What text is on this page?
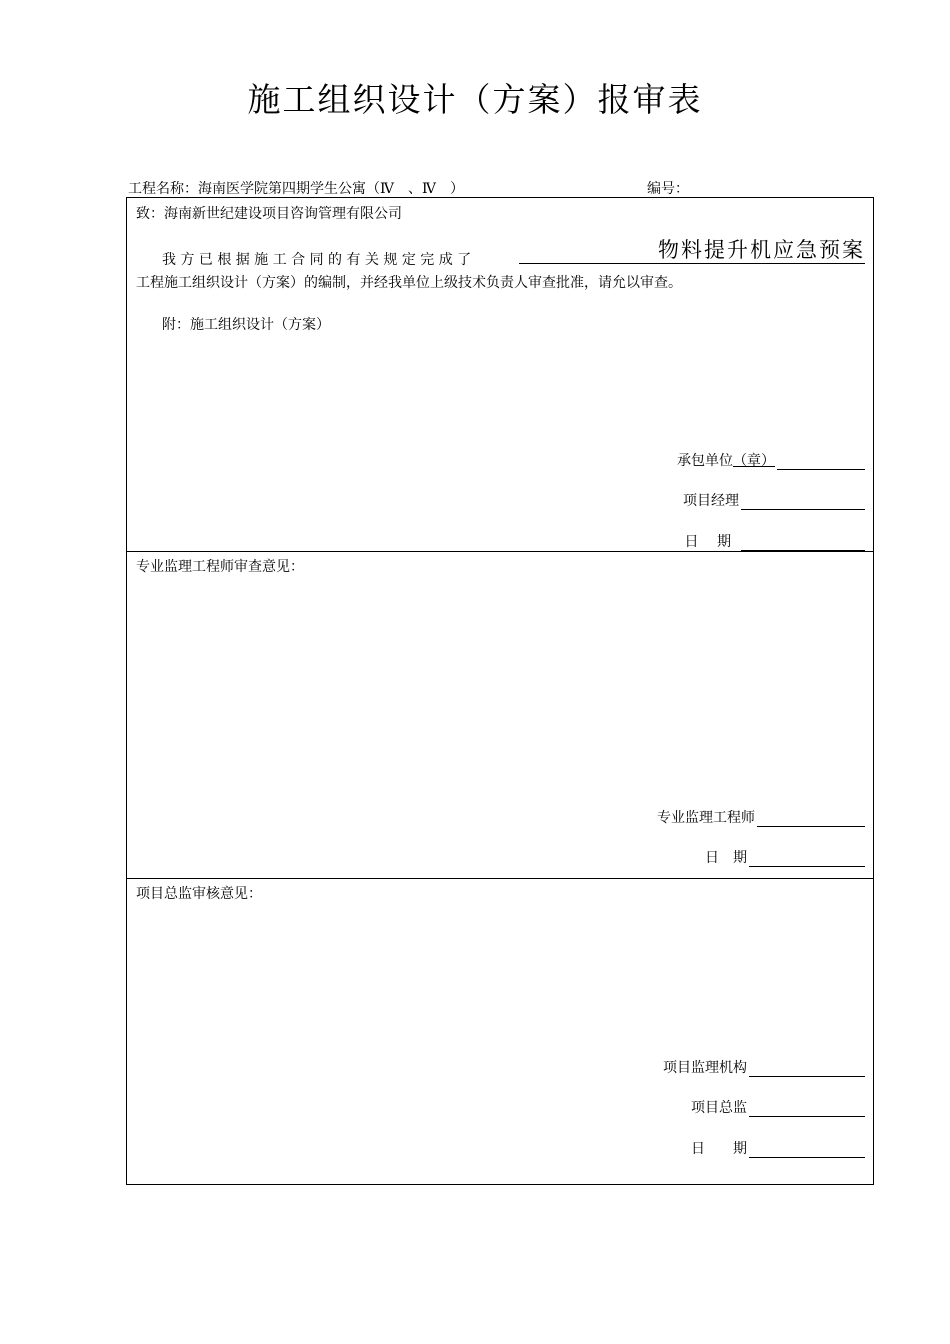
施工组织设计（方案）报审表
工程名称：海南医学院第四期学生公寓（Ⅳ　、Ⅳ　）	编号：
致：海南新世纪建设项目咨询管理有限公司
我 方 已 根 据 施 工 合 同 的 有 关 规 定 完 成 了	物料提升机应急预案
工程施工组织设计（方案）的编制，并经我单位上级技术负责人审查批准，请允以审查。
附：施工组织设计（方案）
承包单位 （章）
项目经理
日　 期
专业监理工程师审查意见：
专业监理工程师
日　期
项目总监审核意见：
项目监理机构
项目总监
日　　期
